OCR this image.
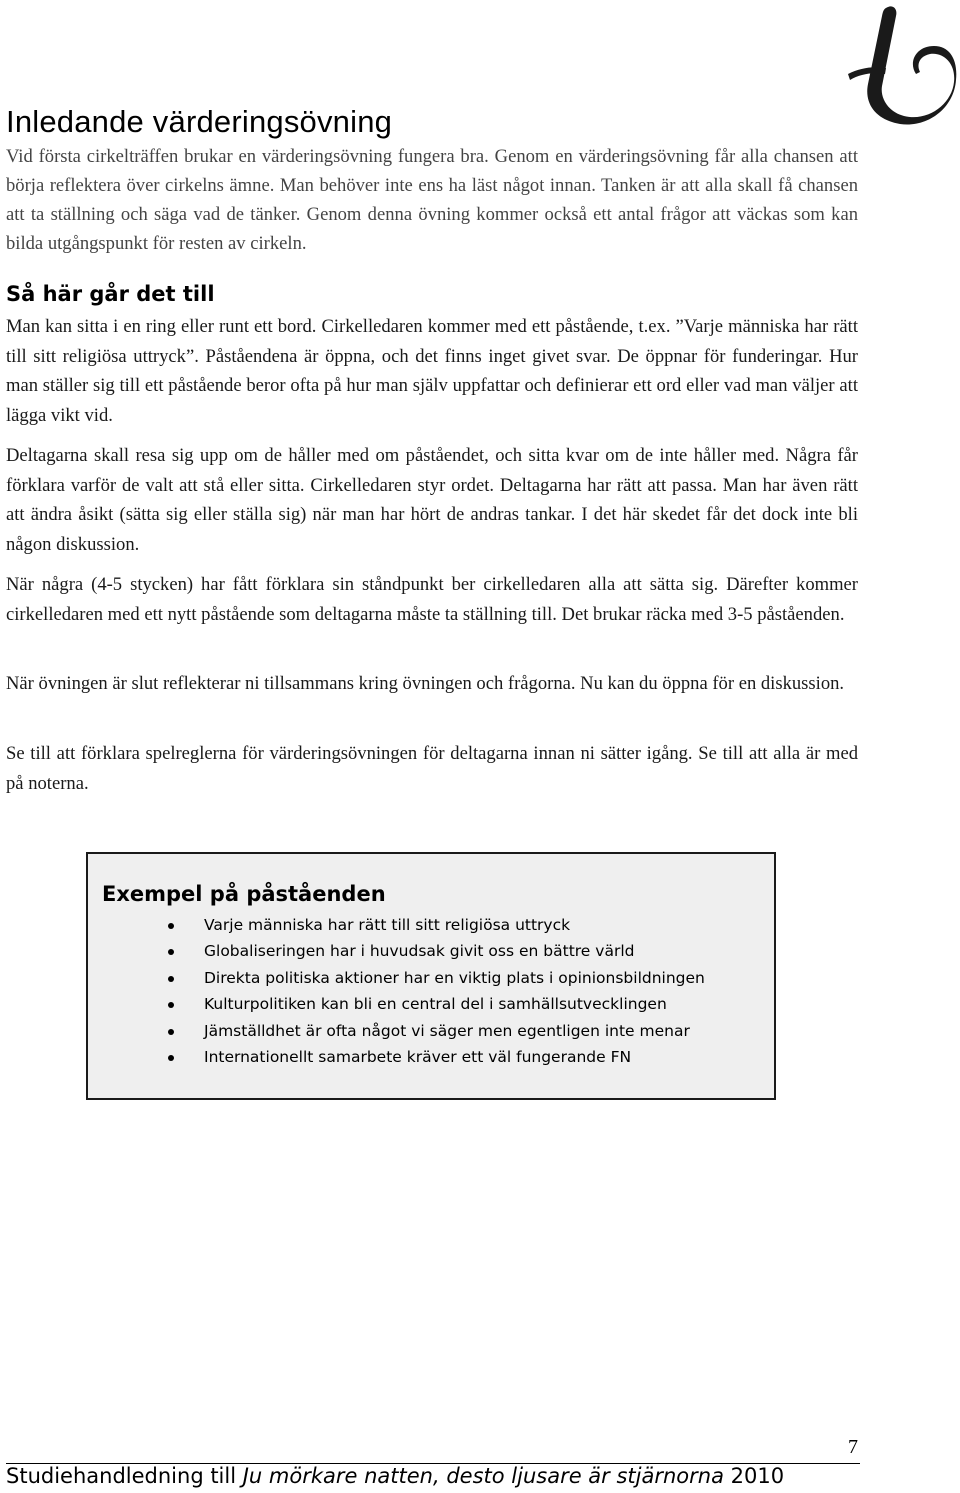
Inledande värderingsövning

Vid första cirkelträffen brukar en värderingsövning fungera bra. Genom en värderingsövning får alla chansen att börja reflektera över cirkelns ämne. Man behöver inte ens ha läst något innan. Tanken är att alla skall få chansen att ta ställning och säga vad de tänker. Genom denna övning kommer också ett antal frågor att väckas som kan bilda utgångspunkt för resten av cirkeln.

Så här går det till

Man kan sitta i en ring eller runt ett bord. Cirkelledaren kommer med ett påstående, t.ex. ”Varje människa har rätt till sitt religiösa uttryck”. Påståendena är öppna, och det finns inget givet svar. De öppnar för funderingar. Hur man ställer sig till ett påstående beror ofta på hur man själv uppfattar och definierar ett ord eller vad man väljer att lägga vikt vid.

Deltagarna skall resa sig upp om de håller med om påståendet, och sitta kvar om de inte håller med. Några får förklara varför de valt att stå eller sitta. Cirkelledaren styr ordet. Deltagarna har rätt att passa. Man har även rätt att ändra åsikt (sätta sig eller ställa sig) när man har hört de andras tankar. I det här skedet får det dock inte bli någon diskussion.

När några (4-5 stycken) har fått förklara sin ståndpunkt ber cirkelledaren alla att sätta sig. Därefter kommer cirkelledaren med ett nytt påstående som deltagarna måste ta ställning till. Det brukar räcka med 3-5 påståenden.

När övningen är slut reflekterar ni tillsammans kring övningen och frågorna. Nu kan du öppna för en diskussion.

Se till att förklara spelreglerna för värderingsövningen för deltagarna innan ni sätter igång. Se till att alla är med på noterna.

Exempel på påståenden
Varje människa har rätt till sitt religiösa uttryck
Globaliseringen har i huvudsak givit oss en bättre värld
Direkta politiska aktioner har en viktig plats i opinionsbildningen
Kulturpolitiken kan bli en central del i samhällsutvecklingen
Jämställdhet är ofta något vi säger men egentligen inte menar
Internationellt samarbete kräver ett väl fungerande FN
7

Studiehandledning till Ju mörkare natten, desto ljusare är stjärnorna 2010
